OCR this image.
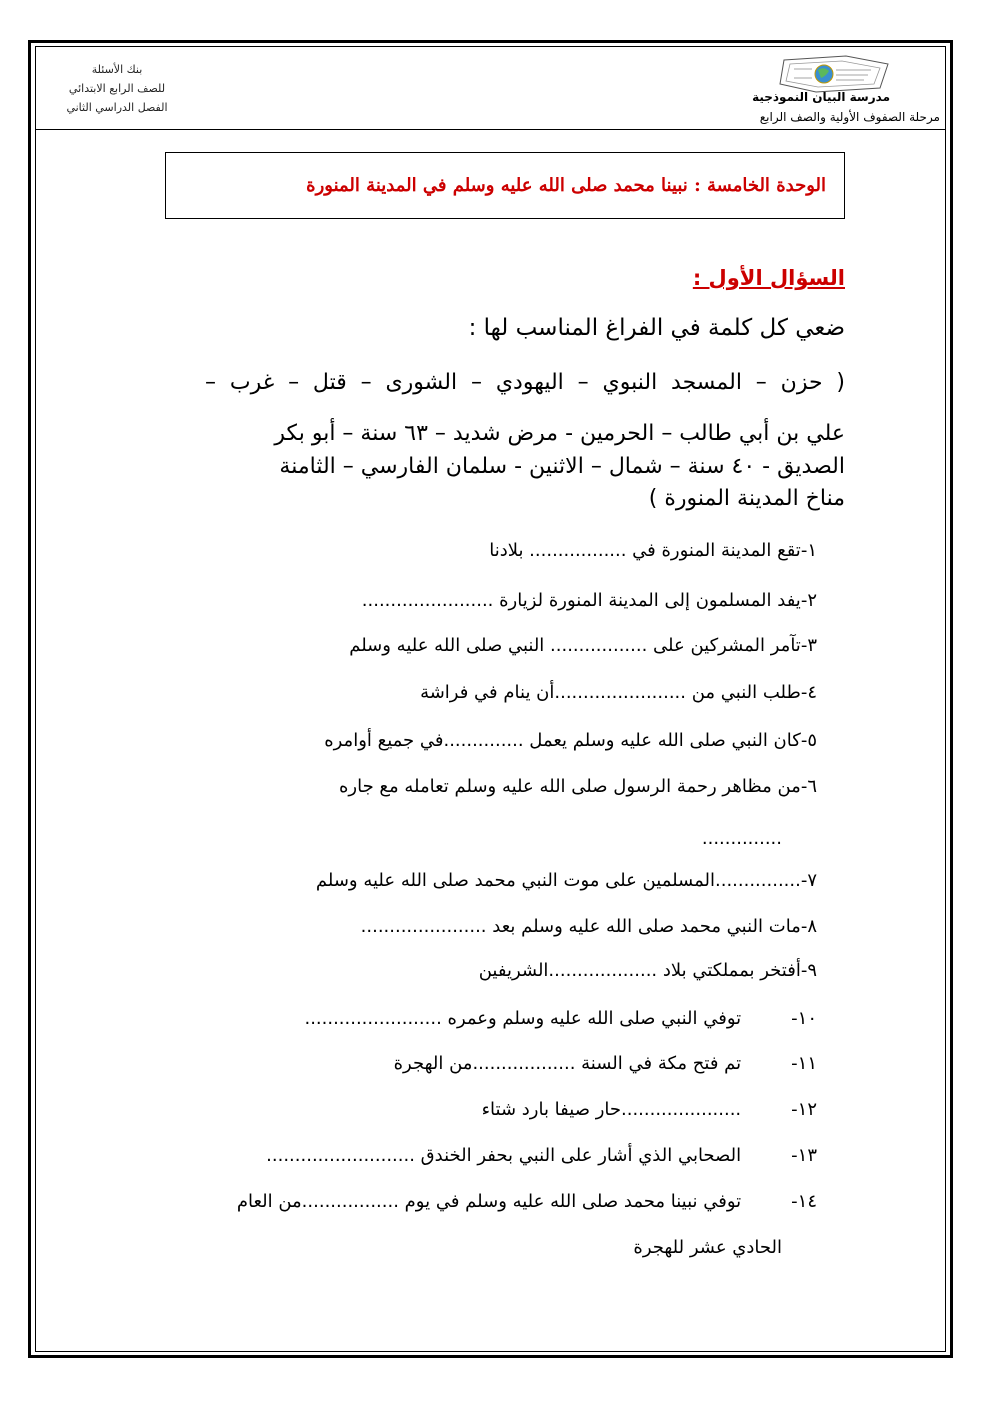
بنك الأسئلة
للصف الرابع الابتدائي
الفصل الدراسي الثاني
مدرسة البيان النموذجية
مرحلة الصفوف الأولية والصف الرابع
الوحدة الخامسة : نبينا محمد صلى الله عليه وسلم في المدينة المنورة
السؤال الأول :
ضعي كل كلمة في الفراغ المناسب لها :
( حزن – المسجد النبوي – اليهودي – الشورى – قتل – غرب –
علي بن أبي طالب – الحرمين - مرض شديد – ٦٣ سنة – أبو بكر
الصديق - ٤٠ سنة – شمال – الاثنين - سلمان الفارسي – الثامنة
مناخ المدينة المنورة )
١-تقع المدينة المنورة في ................. بلادنا
٢-يفد المسلمون إلى المدينة المنورة لزيارة .......................
٣-تآمر المشركين على ................. النبي صلى الله عليه وسلم
٤-طلب النبي من .......................أن ينام في فراشة
٥-كان النبي صلى الله عليه وسلم يعمل ..............في جميع أوامره
٦-من مظاهر رحمة الرسول صلى الله عليه وسلم تعامله مع جاره
..............
٧-...............المسلمين على موت النبي محمد صلى الله عليه وسلم
٨-مات النبي محمد صلى الله عليه وسلم بعد ......................
٩-أفتخر بمملكتي بلاد ...................الشريفين
١٠-توفي النبي صلى الله عليه وسلم وعمره ........................
١١-تم فتح مكة في السنة ..................من الهجرة
١٢-.....................حار صيفا بارد شتاء
١٣-الصحابي الذي أشار على النبي بحفر الخندق ..........................
١٤-توفي نبينا محمد صلى الله عليه وسلم في يوم .................من العام
الحادي عشر للهجرة
